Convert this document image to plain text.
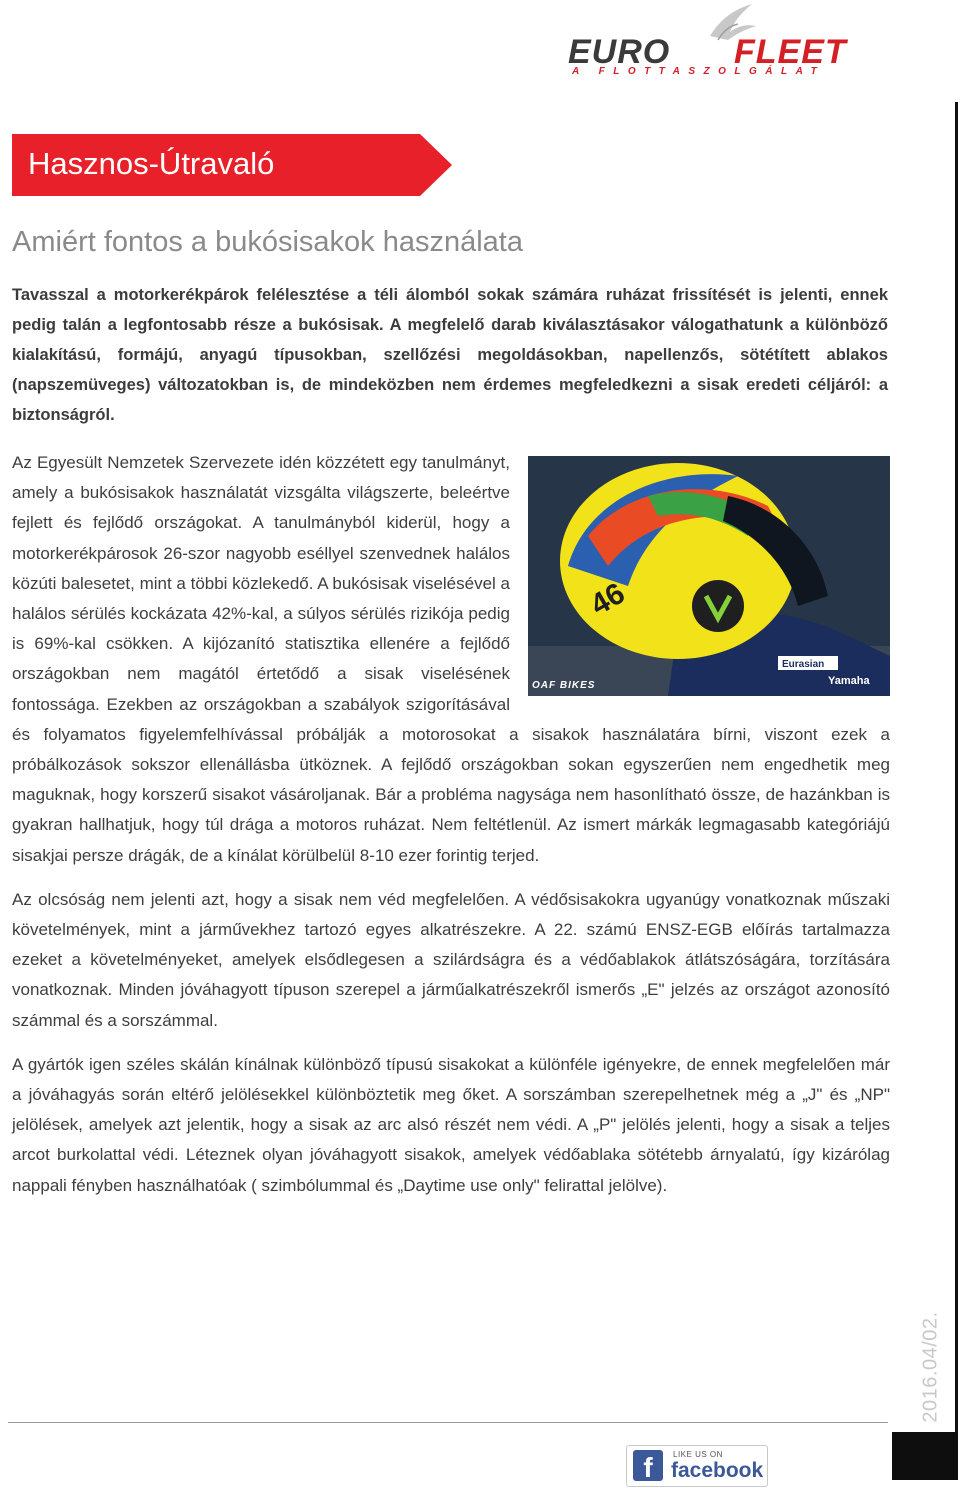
EURO FLEET
A FLOTTASZOLGÁLAT
Hasznos-Útravaló
Amiért fontos a bukósisakok használata

Tavasszal a motorkerékpárok felélesztése a téli álomból sokak számára ruházat frissítését is jelenti, ennek pedig talán a legfontosabb része a bukósisak. A megfelelő darab kiválasztásakor válogathatunk a különböző kialakítású, formájú, anyagú típusokban, szellőzési megoldásokban, napellenzős, sötétített ablakos (napszemüveges) változatokban is, de mindeközben nem érdemes megfeledkezni a sisak eredeti céljáról: a biztonságról.

Eurasian
46
Yamaha
OAF BIKES

Az Egyesült Nemzetek Szervezete idén közzétett egy tanulmányt, amely a bukósisakok használatát vizsgálta világszerte, beleértve fejlett és fejlődő országokat. A tanulmányból kiderül, hogy a motorkerékpárosok 26-szor nagyobb eséllyel szenvednek halálos közúti balesetet, mint a többi közlekedő. A bukósisak viselésével a halálos sérülés kockázata 42%-kal, a súlyos sérülés rizikója pedig is 69%-kal csökken. A kijózanító statisztika ellenére a fejlődő országokban nem magától értetődő a sisak viselésének fontossága. Ezekben az országokban a szabályok szigorításával és folyamatos figyelemfelhívással próbálják a motorosokat a sisakok használatára bírni, viszont ezek a próbálkozások sokszor ellenállásba ütköznek. A fejlődő országokban sokan egyszerűen nem engedhetik meg maguknak, hogy korszerű sisakot vásároljanak. Bár a probléma nagysága nem hasonlítható össze, de hazánkban is gyakran hallhatjuk, hogy túl drága a motoros ruházat. Nem feltétlenül. Az ismert márkák legmagasabb kategóriájú sisakjai persze drágák, de a kínálat körülbelül 8-10 ezer forintig terjed.

Az olcsóság nem jelenti azt, hogy a sisak nem véd megfelelően. A védősisakokra ugyanúgy vonatkoznak műszaki követelmények, mint a járművekhez tartozó egyes alkatrészekre. A 22. számú ENSZ-EGB előírás tartalmazza ezeket a követelményeket, amelyek elsődlegesen a szilárdságra és a védőablakok átlátszóságára, torzítására vonatkoznak. Minden jóváhagyott típuson szerepel a járműalkatrészekről ismerős „E" jelzés az országot azonosító számmal és a sorszámmal.

A gyártók igen széles skálán kínálnak különböző típusú sisakokat a különféle igényekre, de ennek megfelelően már a jóváhagyás során eltérő jelölésekkel különböztetik meg őket. A sorszámban szerepelhetnek még a „J" és „NP" jelölések, amelyek azt jelentik, hogy a sisak az arc alsó részét nem védi. A „P" jelölés jelenti, hogy a sisak a teljes arcot burkolattal védi. Léteznek olyan jóváhagyott sisakok, amelyek védőablaka sötétebb árnyalatú, így kizárólag nappali fényben használhatóak ( szimbólummal és „Daytime use only" felirattal jelölve).

2016.04/02.
f	LIKE US ON
facebook
